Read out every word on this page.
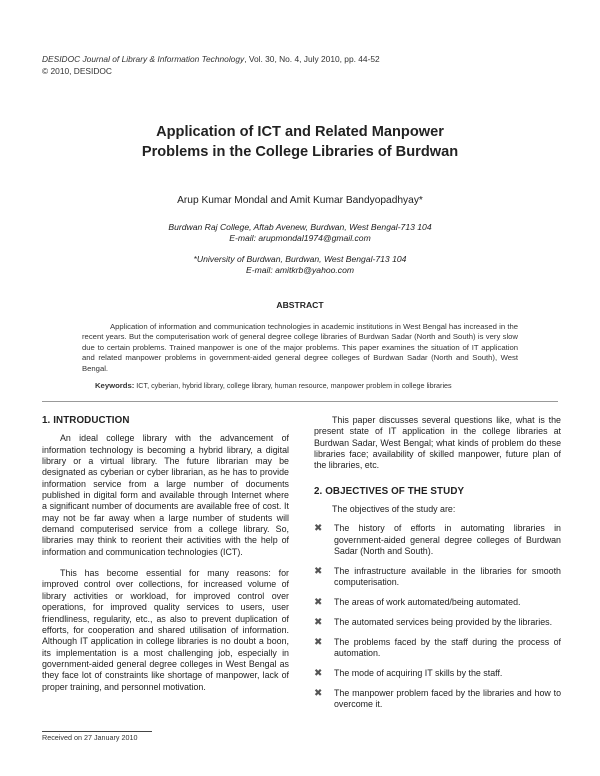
DESIDOC Journal of Library & Information Technology, Vol. 30, No. 4, July 2010, pp. 44-52
© 2010, DESIDOC
Application of ICT and Related Manpower
Problems in the College Libraries of Burdwan
Arup Kumar Mondal and Amit Kumar Bandyopadhyay*
Burdwan Raj College, Aftab Avenew, Burdwan, West Bengal-713 104
E-mail: arupmondal1974@gmail.com
*University of Burdwan, Burdwan, West Bengal-713 104
E-mail: amitkrb@yahoo.com
ABSTRACT

Application of information and communication technologies in academic institutions in West Bengal has increased in the recent years. But the computerisation work of general degree college libraries of Burdwan Sadar (North and South) is very slow due to certain problems. Trained manpower is one of the major problems. This paper examines the situation of IT application and related manpower problems in government-aided general degree colleges of Burdwan Sadar (North and South), West Bengal.

Keywords: ICT, cyberian, hybrid library, college library, human resource, manpower problem in college libraries
1. INTRODUCTION

An ideal college library with the advancement of information technology is becoming a hybrid library, a digital library or a virtual library. The future librarian may be designated as cyberian or cyber librarian, as he has to provide information service from a large number of documents published in digital form and available through Internet where a significant number of documents are available free of cost. It may not be far away when a large number of students will demand computerised service from a college library. So, libraries may think to reorient their activities with the help of information and communication technologies (ICT).

This has become essential for many reasons: for improved control over collections, for increased volume of library activities or workload, for improved control over operations, for improved quality services to users, user friendliness, regularity, etc., as also to prevent duplication of efforts, for cooperation and shared utilisation of information. Although IT application in college libraries is no doubt a boon, its implementation is a most challenging job, especially in government-aided general degree colleges in West Bengal as they face lot of constraints like shortage of manpower, lack of proper training, and personnel motivation.

This paper discusses several questions like, what is the present state of IT application in the college libraries at Burdwan Sadar, West Bengal; what kinds of problem do these libraries face; availability of skilled manpower, future plan of the libraries, etc.

2. OBJECTIVES OF THE STUDY

The objectives of the study are:

✖ The history of efforts in automating libraries in government-aided general degree colleges of Burdwan Sadar (North and South).
✖ The infrastructure available in the libraries for smooth computerisation.
✖ The areas of work automated/being automated.
✖ The automated services being provided by the libraries.
✖ The problems faced by the staff during the process of automation.
✖ The mode of acquiring IT skills by the staff.
✖ The manpower problem faced by the libraries and how to overcome it.
Received on 27 January 2010
